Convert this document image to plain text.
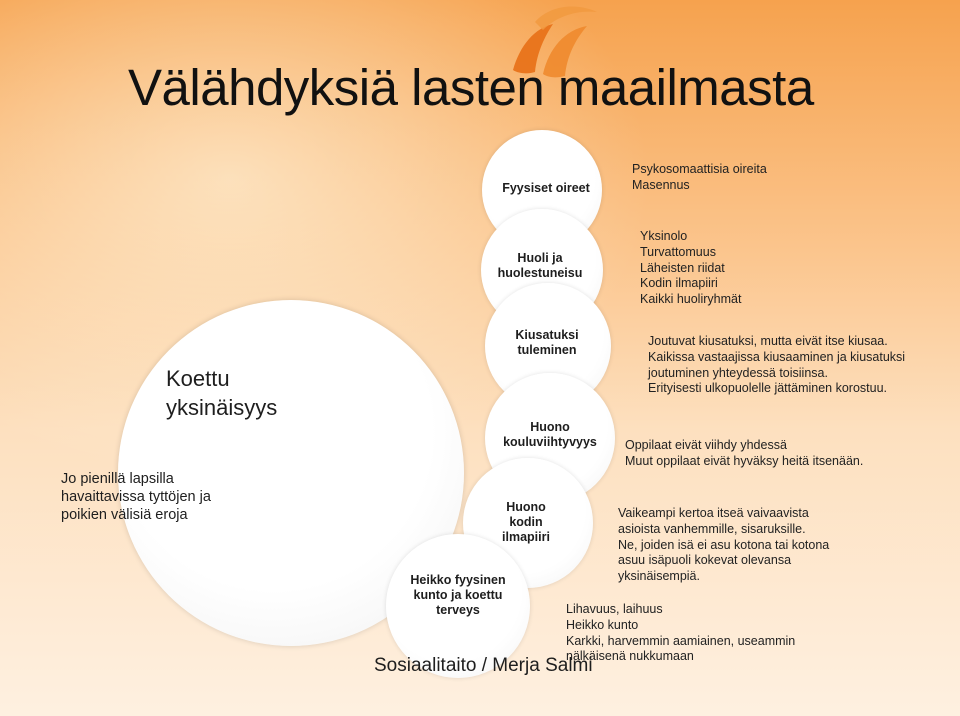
Välähdyksiä lasten maailmasta
Koettu yksinäisyys
Jo pienillä lapsilla havaittavissa tyttöjen ja poikien välisiä eroja
Fyysiset oireet
Huoli ja
huolestuneisu

Kiusatuksi
tuleminen
Huono
kouluviihtyvyys
Huono
kodin
ilmapiiri
Heikko fyysinen
kunto ja koettu
terveys
Psykosomaattisia oireita
Masennus
Yksinolo
Turvattomuus
Läheisten riidat
Kodin ilmapiiri
Kaikki huoliryhmät
Joutuvat kiusatuksi, mutta eivät itse kiusaa.
Kaikissa vastaajissa kiusaaminen ja kiusatuksi
joutuminen yhteydessä toisiinsa.
Erityisesti ulkopuolelle jättäminen korostuu.
Oppilaat eivät viihdy yhdessä
Muut oppilaat eivät hyväksy heitä itsenään.
Vaikeampi kertoa itseä vaivaavista
asioista vanhemmille, sisaruksille.
Ne, joiden isä ei asu kotona tai kotona
asuu isäpuoli kokevat olevansa
yksinäisempiä.
Lihavuus, laihuus
Heikko kunto
Karkki, harvemmin aamiainen, useammin
nälkäisenä nukkumaan
Sosiaalitaito / Merja Salmi
